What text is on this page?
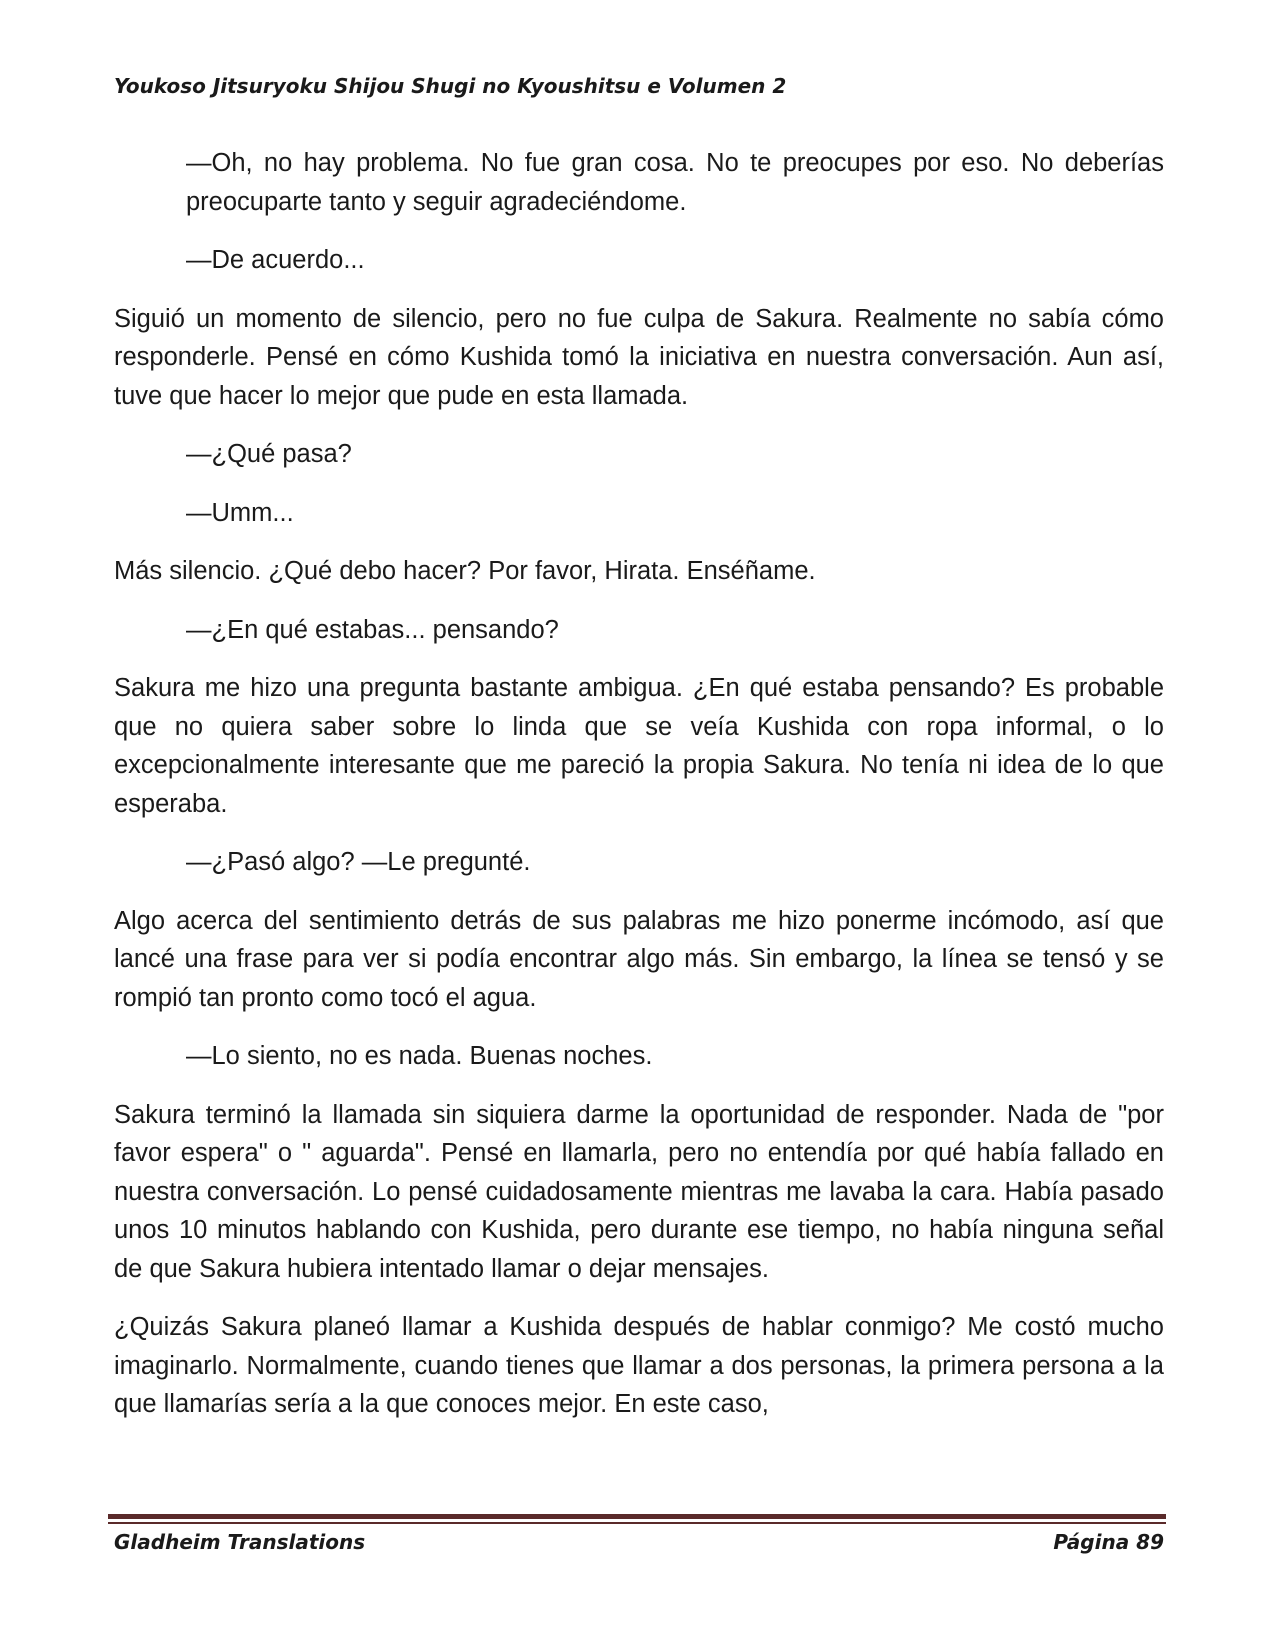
Youkoso Jitsuryoku Shijou Shugi no Kyoushitsu e Volumen 2

—Oh, no hay problema. No fue gran cosa. No te preocupes por eso. No deberías preocuparte tanto y seguir agradeciéndome.

—De acuerdo...

Siguió un momento de silencio, pero no fue culpa de Sakura. Realmente no sabía cómo responderle. Pensé en cómo Kushida tomó la iniciativa en nuestra conversación. Aun así, tuve que hacer lo mejor que pude en esta llamada.

—¿Qué pasa?

—Umm...

Más silencio. ¿Qué debo hacer? Por favor, Hirata. Enséñame.

—¿En qué estabas... pensando?

Sakura me hizo una pregunta bastante ambigua. ¿En qué estaba pensando? Es probable que no quiera saber sobre lo linda que se veía Kushida con ropa informal, o lo excepcionalmente interesante que me pareció la propia Sakura. No tenía ni idea de lo que esperaba.

—¿Pasó algo? —Le pregunté.

Algo acerca del sentimiento detrás de sus palabras me hizo ponerme incómodo, así que lancé una frase para ver si podía encontrar algo más. Sin embargo, la línea se tensó y se rompió tan pronto como tocó el agua.

—Lo siento, no es nada. Buenas noches.

Sakura terminó la llamada sin siquiera darme la oportunidad de responder. Nada de "por favor espera" o " aguarda". Pensé en llamarla, pero no entendía por qué había fallado en nuestra conversación. Lo pensé cuidadosamente mientras me lavaba la cara. Había pasado unos 10 minutos hablando con Kushida, pero durante ese tiempo, no había ninguna señal de que Sakura hubiera intentado llamar o dejar mensajes.

¿Quizás Sakura planeó llamar a Kushida después de hablar conmigo? Me costó mucho imaginarlo. Normalmente, cuando tienes que llamar a dos personas, la primera persona a la que llamarías sería a la que conoces mejor. En este caso,

Gladheim Translations	Página 89
